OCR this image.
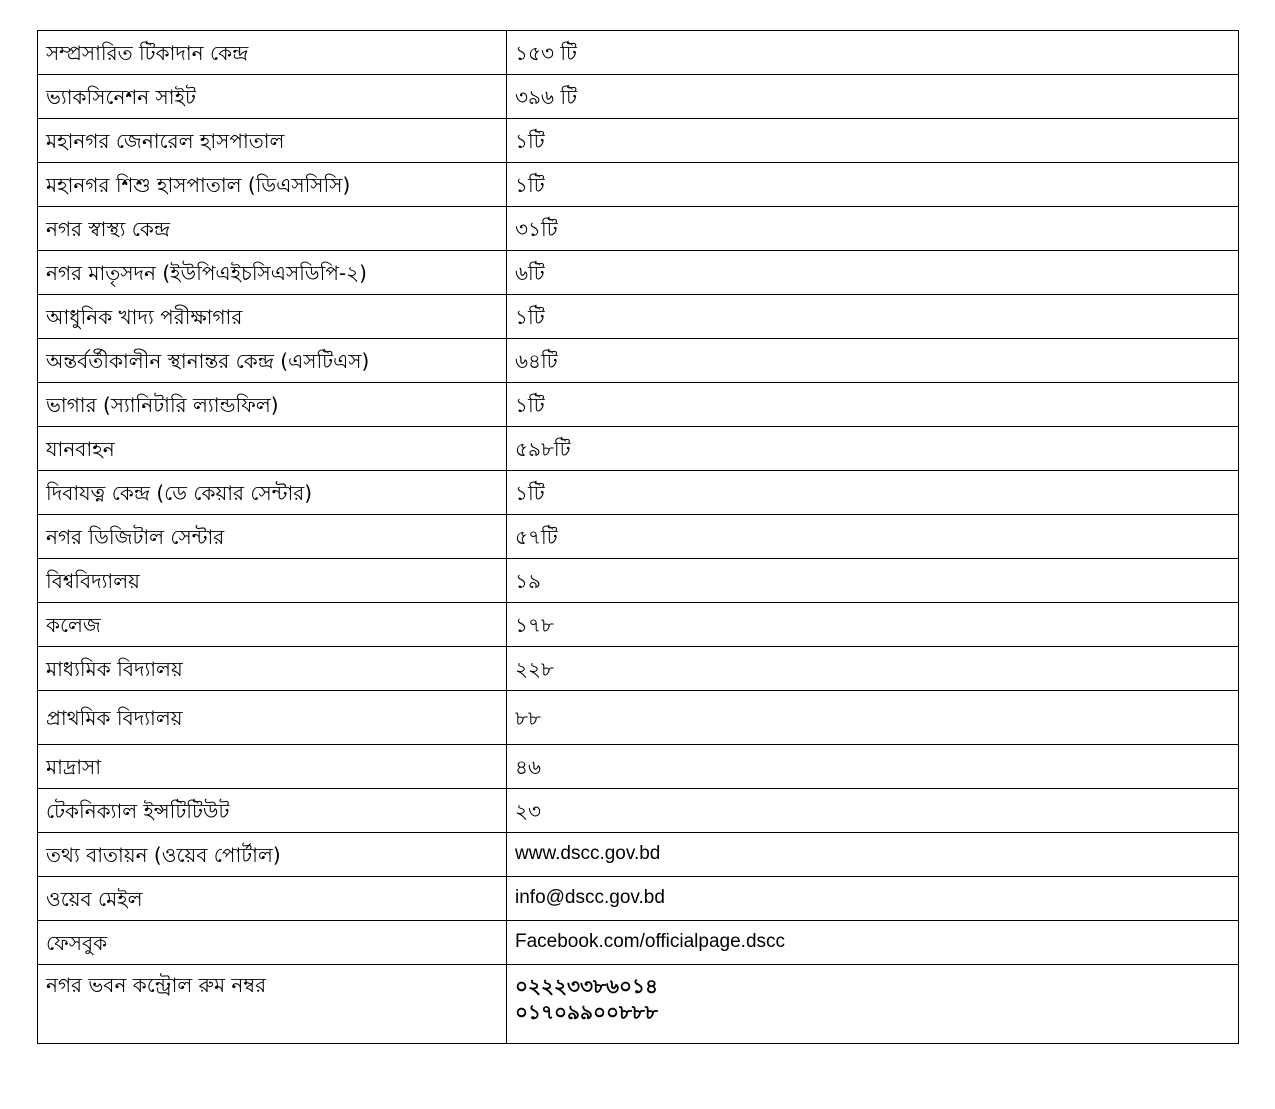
সম্প্রসারিত টিকাদান কেন্দ্র	১৫৩ টি
ভ্যাকসিনেশন সাইট	৩৯৬ টি
মহানগর জেনারেল হাসপাতাল	১টি
মহানগর শিশু হাসপাতাল (ডিএসসিসি)	১টি
নগর স্বাস্থ্য কেন্দ্র	৩১টি
নগর মাতৃসদন (ইউপিএইচসিএসডিপি-২)	৬টি
আধুনিক খাদ্য পরীক্ষাগার	১টি
অন্তর্বর্তীকালীন স্থানান্তর কেন্দ্র (এসটিএস)	৬৪টি
ভাগার (স্যানিটারি ল্যান্ডফিল)	১টি
যানবাহন	৫৯৮টি
দিবাযত্ন কেন্দ্র (ডে কেয়ার সেন্টার)	১টি
নগর ডিজিটাল সেন্টার	৫৭টি
বিশ্ববিদ্যালয়	১৯
কলেজ	১৭৮
মাধ্যমিক বিদ্যালয়	২২৮
প্রাথমিক বিদ্যালয়	৮৮
মাদ্রাসা	৪৬
টেকনিক্যাল ইন্সটিটিউট	২৩
তথ্য বাতায়ন (ওয়েব পোর্টাল)	www.dscc.gov.bd
ওয়েব মেইল	info@dscc.gov.bd
ফেসবুক	Facebook.com/officialpage.dscc
নগর ভবন কন্ট্রোল রুম নম্বর	০২২২৩৩৮৬০১৪
০১৭০৯৯০০৮৮৮
